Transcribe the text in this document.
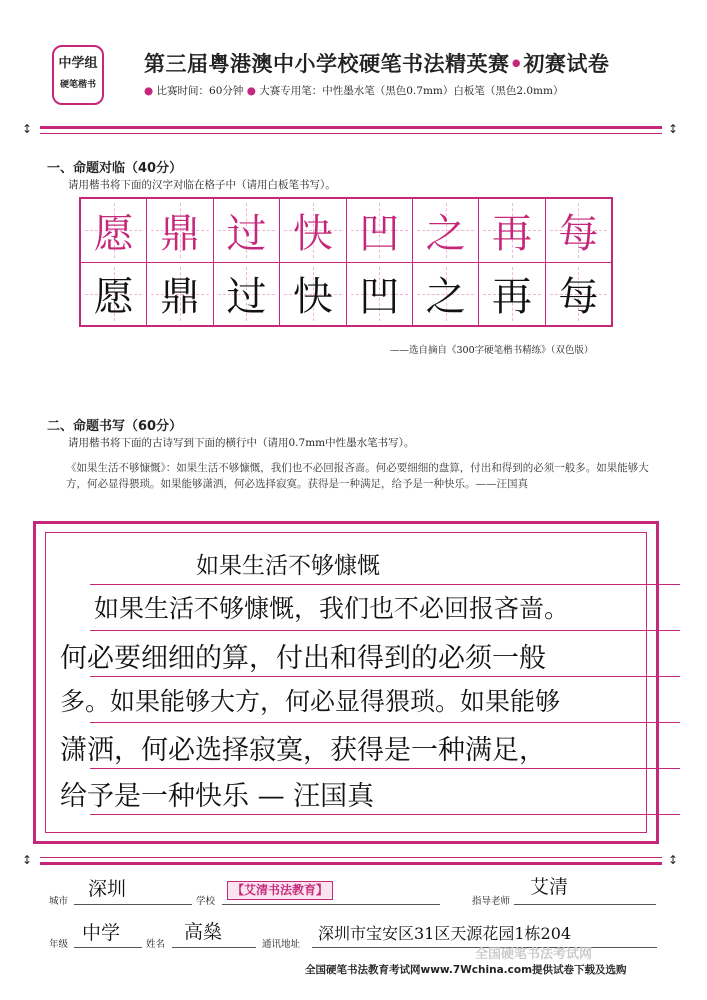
中学组
硬笔楷书
第三届粤港澳中小学校硬笔书法精英赛•初赛试卷
● 比赛时间：60分钟 ● 大赛专用笔：中性墨水笔（黑色0.7mm）白板笔（黑色2.0mm）
↕	↕
一、命题对临（40分）
请用楷书将下面的汉字对临在格子中（请用白板笔书写）。
愿 鼎 过 快 凹 之 再 每
愿 鼎 过 快 凹 之 再 每
——选自摘自《300字硬笔楷书精练》（双色版）
二、命题书写（60分）
请用楷书将下面的古诗写到下面的横行中（请用0.7mm中性墨水笔书写）。
《如果生活不够慷慨》：如果生活不够慷慨，我们也不必回报吝啬。何必要细细的盘算，付出和得到的必须一般多。如果能够大方，何必显得猥琐。如果能够潇洒，何必选择寂寞。获得是一种满足，给予是一种快乐。——汪国真
如果生活不够慷慨
如果生活不够慷慨，我们也不必回报吝啬。
何必要细细的算，付出和得到的必须一般
多。如果能够大方，何必显得猥琐。如果能够
潇洒，何必选择寂寞，获得是一种满足，
给予是一种快乐 — 汪国真
↕	↕
城市
深圳
学校
【艾清书法教育】
指导老师
艾清
年级
中学
姓名
高燊
通讯地址
深圳市宝安区31区天源花园1栋204
全国硬笔书法考试网
全国硬笔书法教育考试网www.7Wchina.com提供试卷下载及选购
